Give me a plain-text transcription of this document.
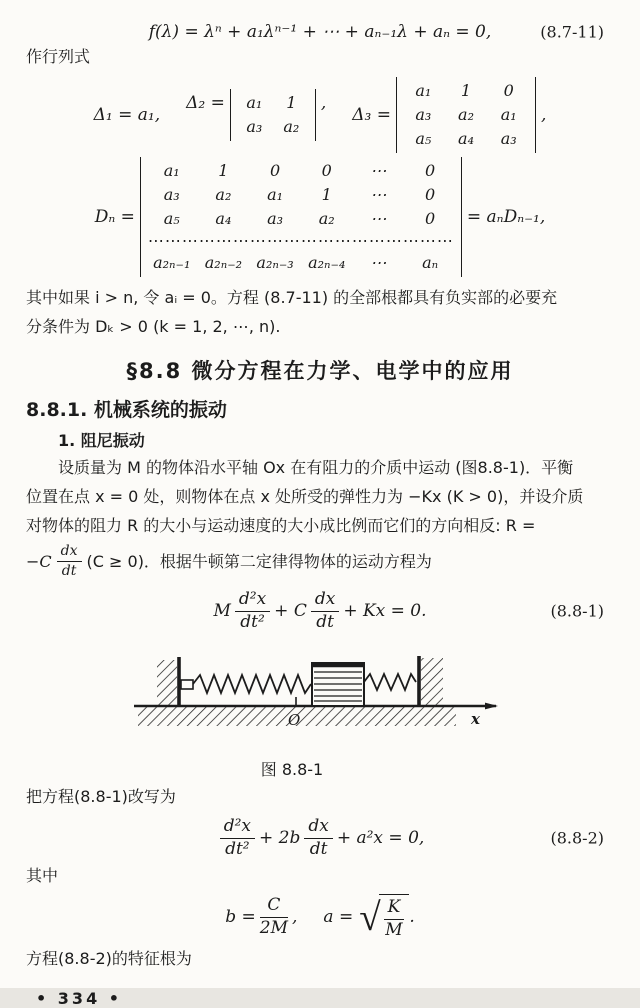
f(λ) = λⁿ + a₁λⁿ⁻¹ + ⋯ + aₙ₋₁λ + aₙ = 0,	(8.7-11)
作行列式
Δ₁ = a₁,
Δ₂ =	a₁	1
a₃	a₂
,
Δ₃ =
a₁	1	0
a₃	a₂	a₁
a₅	a₄	a₃
,
Dₙ =
a₁	1	0	0	⋯	0
a₃	a₂	a₁	1	⋯	0
a₅	a₄	a₃	a₂	⋯	0
⋯⋯⋯⋯⋯⋯⋯⋯⋯⋯⋯⋯⋯⋯⋯⋯⋯⋯
a₂ₙ₋₁ a₂ₙ₋₂ a₂ₙ₋₃ a₂ₙ₋₄	⋯	aₙ
= aₙDₙ₋₁,
其中如果 i > n, 令 aᵢ = 0。方程 (8.7-11) 的全部根都具有负实部的必要充
分条件为 Dₖ > 0 (k = 1, 2, ⋯, n).
§8.8 微分方程在力学、电学中的应用
8.8.1. 机械系统的振动
1. 阻尼振动
设质量为 M 的物体沿水平轴 Ox 在有阻力的介质中运动 (图8.8-1)．平衡
位置在点 x = 0 处，则物体在点 x 处所受的弹性力为 −Kx (K > 0)，并设介质
对物体的阻力 R 的大小与运动速度的大小成比例而它们的方向相反: R =
$-C \frac{dx}{dt} (C \ge 0)$．根据牛顿第二定律得物体的运动方程为
M $\frac{\text{d²x}}{\text{dt²}} + C \frac{dx}{dt} + Kx = 0$.	(8.8-1)
O	x
图 8.8-1
把方程(8.8-1)改写为
$\frac{\text{d²x}}{\text{dt²}} + 2b \frac{dx}{dt} + a^2x = 0$,	(8.8-2)
其中
$b = \frac{C}{2M}$ , a = √ $\frac{K}{M}$ .
方程(8.8-2)的特征根为
• 334 •
